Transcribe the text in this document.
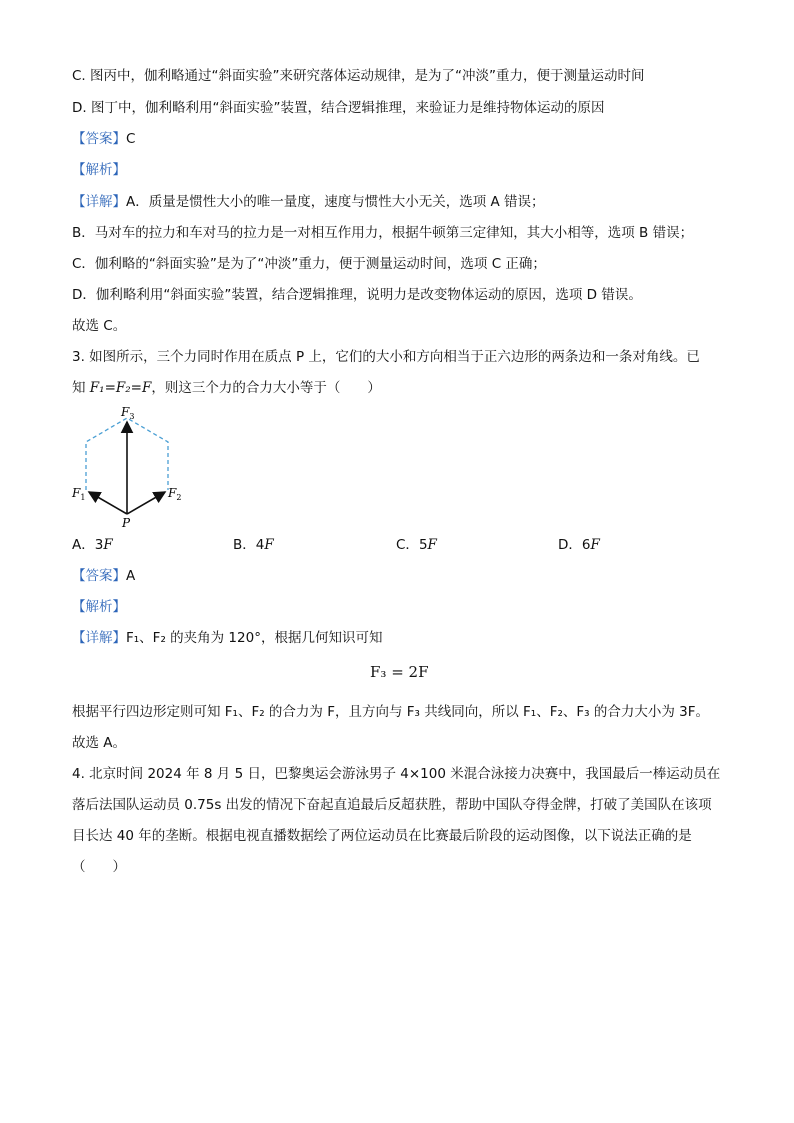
C. 图丙中，伽利略通过“斜面实验”来研究落体运动规律，是为了“冲淡”重力，便于测量运动时间
D. 图丁中，伽利略利用“斜面实验”装置，结合逻辑推理，来验证力是维持物体运动的原因
【答案】C
【解析】
【详解】A．质量是惯性大小的唯一量度，速度与惯性大小无关，选项 A 错误；
B．马对车的拉力和车对马的拉力是一对相互作用力，根据牛顿第三定律知，其大小相等，选项 B 错误；
C．伽利略的“斜面实验”是为了“冲淡”重力，便于测量运动时间，选项 C 正确；
D．伽利略利用“斜面实验”装置，结合逻辑推理，说明力是改变物体运动的原因，选项 D 错误。
故选 C。
3. 如图所示，三个力同时作用在质点 P 上，它们的大小和方向相当于正六边形的两条边和一条对角线。已
知 F₁=F₂=F，则这三个力的合力大小等于（　　）
$F_3$
$F_1$	$F_2$
P
A．3F	B．4F	C．5F	D．6F
【答案】A
【解析】
【详解】F₁、F₂ 的夹角为 120°，根据几何知识可知
F₃ = 2F
根据平行四边形定则可知 F₁、F₂ 的合力为 F，且方向与 F₃ 共线同向，所以 F₁、F₂、F₃ 的合力大小为 3F。
故选 A。
4. 北京时间 2024 年 8 月 5 日，巴黎奥运会游泳男子 4×100 米混合泳接力决赛中，我国最后一棒运动员在
落后法国队运动员 0.75s 出发的情况下奋起直追最后反超获胜，帮助中国队夺得金牌，打破了美国队在该项
目长达 40 年的垄断。根据电视直播数据绘了两位运动员在比赛最后阶段的运动图像，以下说法正确的是
（　　）
